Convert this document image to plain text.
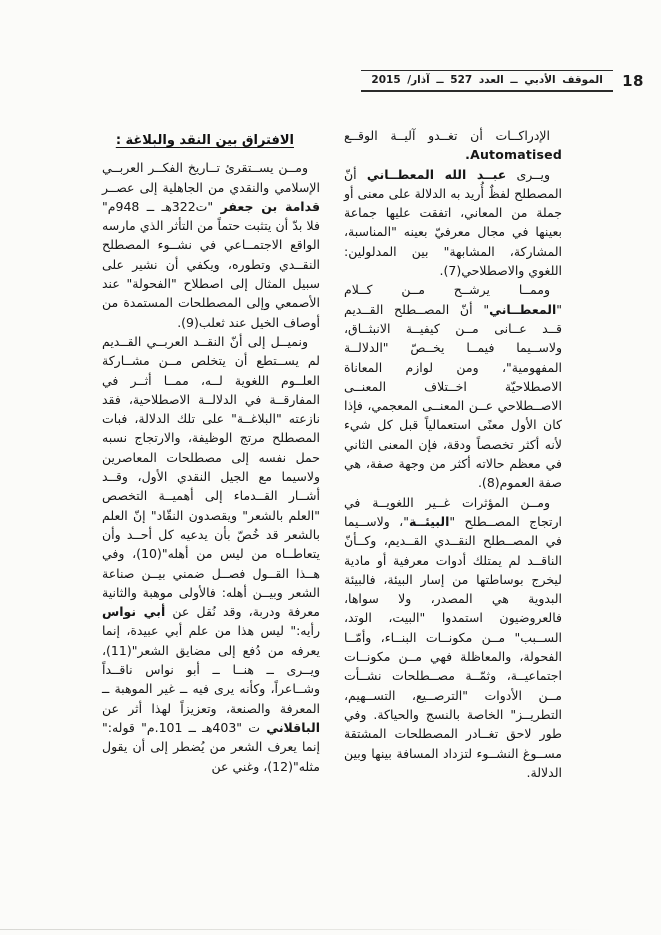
18
الموقف الأدبي ــ العدد 527 ــ آذار/ 2015

الإدراكــات أن تغــدو آليــة الوقــع Automatised.

ويــرى عبــد الله المعطــاني أنّ المصطلح لفظٌ أُريد به الدلالة على معنى أو جملة من المعاني، اتفقت عليها جماعة بعينها في مجال معرفيّ بعينه "المناسبة، المشاركة، المشابهة" بين المدلولين: اللغوي والاصطلاحي(7).

وممــا يرشــح مــن كــلام "المعطــاني" أنّ المصــطلح القــديم قــد عــانى مــن كيفيــة الانبثــاق، ولاســيما فيمــا يخــصّ "الدلالــة المفهومية"، ومن لوازم المعاناة الاصطلاحيّة اخــتلاف المعنــى الاصــطلاحي عــن المعنــى المعجمي، فإذا كان الأول معنًى استعمالياً قبل كل شيء لأنه أكثر تخصصاً ودقة، فإن المعنى الثاني في معظم حالاته أكثر من وجهة صفة، هي صفة العموم(8).

ومــن المؤثرات غــير اللغويــة في ارتجاج المصــطلح "البيئــة"، ولاســيما في المصــطلح النقــدي القــديم، وكــأنّ الناقــد لم يمتلك أدوات معرفية أو مادية ليخرج بوساطتها من إسار البيئة، فالبيئة البدوية هي المصدر، ولا سواها، فالعروضيون استمدوا "البيت، الوتد، الســبب" مــن مكونــات البنــاء، وأمّــا الفحولة، والمعاظلة فهي مــن مكونــات اجتماعيــة، وثمّــة مصــطلحات نشــأت مــن الأدوات "الترصــيع، التســهيم، التطريــز" الخاصة بالنسج والحياكة. وفي طور لاحق تغــادر المصطلحات المشتقة مســوغ النشــوء لتزداد المسافة بينها وبين الدلالة.

الافتراق بين النقد والبلاغة :

ومــن يســتقرئ تــاريخ الفكــر العربــي الإسلامي والنقدي من الجاهلية إلى عصــر قدامة بن جعفر "ت322هـ ــ 948م" فلا بدّ أن يتثبت حتماً من التأثر الذي مارسه الواقع الاجتمــاعي في نشــوء المصطلح النقــدي وتطوره، ويكفي أن نشير على سبيل المثال إلى اصطلاح "الفحولة" عند الأصمعي وإلى المصطلحات المستمدة من أوصاف الخيل عند ثعلب(9).

ونميــل إلى أنّ النقــد العربــي القــديم لم يســتطع أن يتخلص مــن مشــاركة العلــوم اللغوية لــه، ممــا أثــر في المفارقــة في الدلالــة الاصطلاحية، فقد نازعته "البلاغــة" على تلك الدلالة، فبات المصطلح مرتج الوظيفة، والارتجاج نسبه حمل نفسه إلى مصطلحات المعاصرين ولاسيما مع الجيل النقدي الأول، وقــد أشــار القــدماء إلى أهميــة التخصص "العلم بالشعر" ويقصدون النقّاد" إنّ العلم بالشعر قد خُصّ بأن يدعيه كل أحــد وأن يتعاطــاه من ليس من أهله"(10)، وفي هــذا القــول فصــل ضمني بيــن صناعة الشعر وبيــن أهله: فالأولى موهبة والثانية معرفة ودربة، وقد نُقل عن أبي نواس رأيه:" ليس هذا من علم أبي عبيدة، إنما يعرفه من دُفع إلى مضايق الشعر"(11)، ويــرى ــ هنــا ــ أبو نواس ناقــداً وشــاعراً، وكأنه يرى فيه ــ غير الموهبة ــ المعرفة والصنعة، وتعزيزاً لهذا أثر عن الباقلاني ت "403هـ ــ 101.م" قوله:" إنما يعرف الشعر من يُضطر إلى أن يقول مثله"(12)، وغني عن
